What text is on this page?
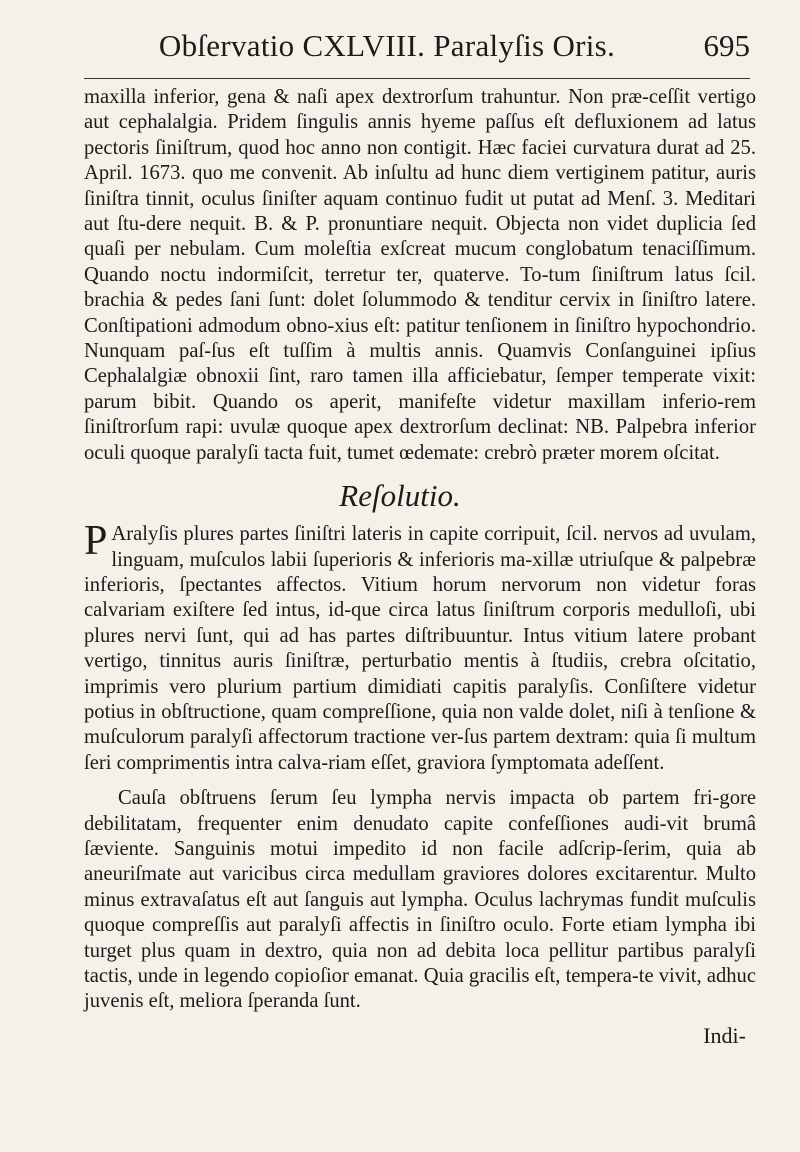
Obſervatio CXLVIII. Paralyſis Oris.	695

maxilla inferior, gena & naſi apex dextrorſum trahuntur. Non præ-ceſſit vertigo aut cephalalgia. Pridem ſingulis annis hyeme paſſus eſt defluxionem ad latus pectoris ſiniſtrum, quod hoc anno non contigit. Hæc faciei curvatura durat ad 25. April. 1673. quo me convenit. Ab inſultu ad hunc diem vertiginem patitur, auris ſiniſtra tinnit, oculus ſiniſter aquam continuo fudit ut putat ad Menſ. 3. Meditari aut ſtu-dere nequit. B. & P. pronuntiare nequit. Objecta non videt duplicia ſed quaſi per nebulam. Cum moleſtia exſcreat mucum conglobatum tenaciſſimum. Quando noctu indormiſcit, terretur ter, quaterve. To-tum ſiniſtrum latus ſcil. brachia & pedes ſani ſunt: dolet ſolummodo & tenditur cervix in ſiniſtro latere. Conſtipationi admodum obno-xius eſt: patitur tenſionem in ſiniſtro hypochondrio. Nunquam paſ-ſus eſt tuſſim à multis annis. Quamvis Conſanguinei ipſius Cephalalgiæ obnoxii ſint, raro tamen illa afficiebatur, ſemper temperate vixit: parum bibit. Quando os aperit, manifeſte videtur maxillam inferio-rem ſiniſtrorſum rapi: uvulæ quoque apex dextrorſum declinat: NB. Palpebra inferior oculi quoque paralyſi tacta fuit, tumet œdemate: crebrò præter morem oſcitat.

Reſolutio.

PAralyſis plures partes ſiniſtri lateris in capite corripuit, ſcil. nervos ad uvulam, linguam, muſculos labii ſuperioris & inferioris ma-xillæ utriuſque & palpebræ inferioris, ſpectantes affectos. Vitium horum nervorum non videtur foras calvariam exiſtere ſed intus, id-que circa latus ſiniſtrum corporis medulloſi, ubi plures nervi ſunt, qui ad has partes diſtribuuntur. Intus vitium latere probant vertigo, tinnitus auris ſiniſtræ, perturbatio mentis à ſtudiis, crebra oſcitatio, imprimis vero plurium partium dimidiati capitis paralyſis. Conſiſtere videtur potius in obſtructione, quam compreſſione, quia non valde dolet, niſi à tenſione & muſculorum paralyſi affectorum tractione ver-ſus partem dextram: quia ſi multum ſeri comprimentis intra calva-riam eſſet, graviora ſymptomata adeſſent.

Cauſa obſtruens ſerum ſeu lympha nervis impacta ob partem fri-gore debilitatam, frequenter enim denudato capite confeſſiones audi-vit brumâ ſæviente. Sanguinis motui impedito id non facile adſcrip-ſerim, quia ab aneuriſmate aut varicibus circa medullam graviores dolores excitarentur. Multo minus extravaſatus eſt aut ſanguis aut lympha. Oculus lachrymas fundit muſculis quoque compreſſis aut paralyſi affectis in ſiniſtro oculo. Forte etiam lympha ibi turget plus quam in dextro, quia non ad debita loca pellitur partibus paralyſi tactis, unde in legendo copioſior emanat. Quia gracilis eſt, tempera-te vivit, adhuc juvenis eſt, meliora ſperanda ſunt.

Indi-
